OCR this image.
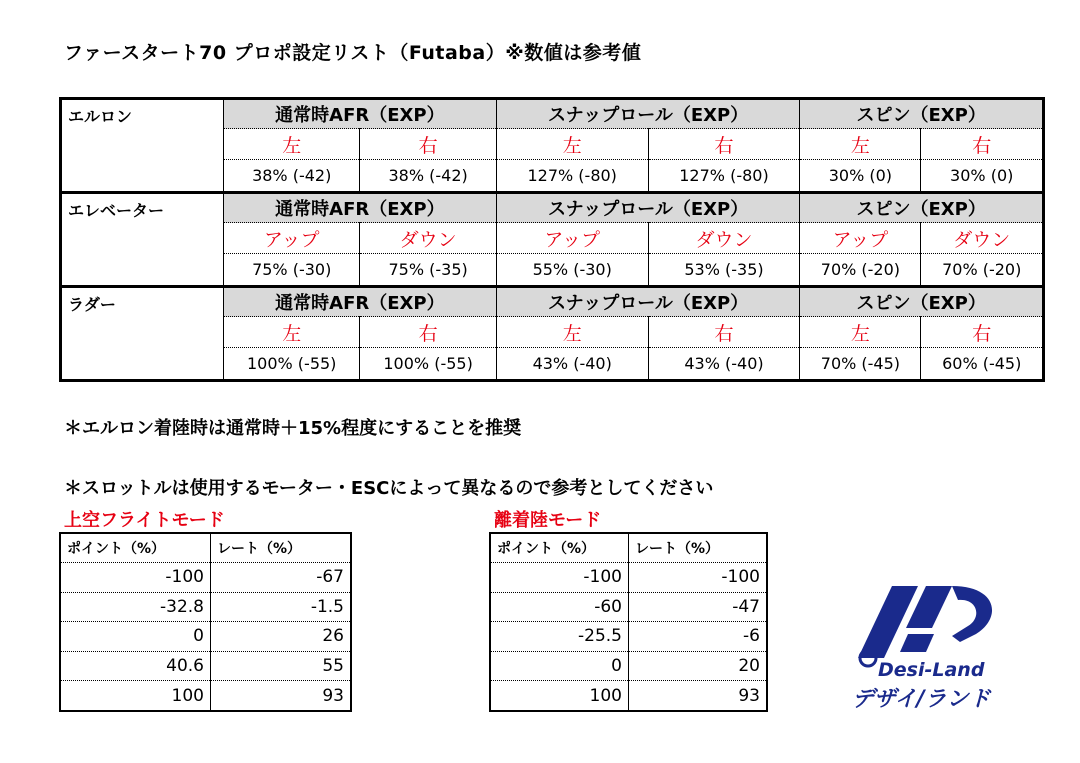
ファースタート70 プロポ設定リスト（Futaba）※数値は参考値
エルロン	通常時AFR（EXP）		スナップロール（EXP）		スピン（EXP）	
	左	右	左	右	左	右
	38% (-42)	38% (-42)	127% (-80)	127% (-80)	30% (0)	30% (0)
エレベーター	通常時AFR（EXP）		スナップロール（EXP）		スピン（EXP）	
	アップ	ダウン	アップ	ダウン	アップ	ダウン
	75% (-30)	75% (-35)	55% (-30)	53% (-35)	70% (-20)	70% (-20)
ラダー	通常時AFR（EXP）		スナップロール（EXP）		スピン（EXP）	
	左	右	左	右	左	右
	100% (-55)	100% (-55)	43% (-40)	43% (-40)	70% (-45)	60% (-45)
＊エルロン着陸時は通常時＋15%程度にすることを推奨
＊スロットルは使用するモーター・ESCによって異なるので参考としてください
上空フライトモード
ポイント（%）	レート（%）
-100	-67
-32.8	-1.5
0	26
40.6	55
100	93
離着陸モード
ポイント（%）	レート（%）
-100	-100
-60	-47
-25.5	-6
0	20
100	93
Desi-Land
デザイ/ランド
